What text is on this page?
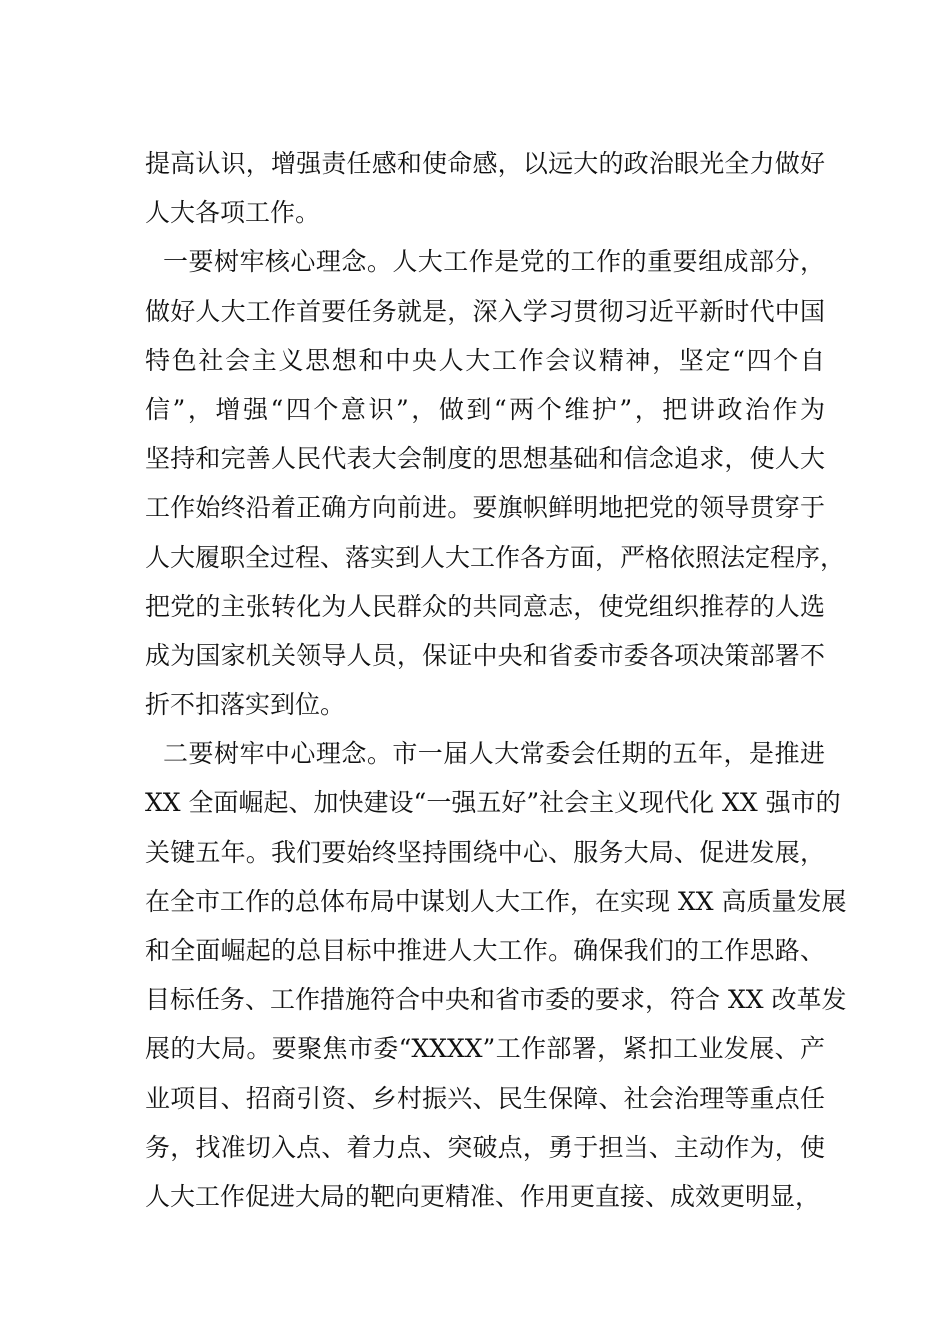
提高认识，增强责任感和使命感，以远大的政治眼光全力做好
人大各项工作。
一要树牢核心理念。人大工作是党的工作的重要组成部分，
做好人大工作首要任务就是，深入学习贯彻习近平新时代中国
特色社会主义思想和中央人大工作会议精神，坚定“四个自
信”，增强“四个意识”，做到“两个维护”，把讲政治作为
坚持和完善人民代表大会制度的思想基础和信念追求，使人大
工作始终沿着正确方向前进。要旗帜鲜明地把党的领导贯穿于
人大履职全过程、落实到人大工作各方面，严格依照法定程序，
把党的主张转化为人民群众的共同意志，使党组织推荐的人选
成为国家机关领导人员，保证中央和省委市委各项决策部署不
折不扣落实到位。
二要树牢中心理念。市一届人大常委会任期的五年，是推进
XX 全面崛起、加快建设“一强五好”社会主义现代化 XX 强市的
关键五年。我们要始终坚持围绕中心、服务大局、促进发展，
在全市工作的总体布局中谋划人大工作，在实现 XX 高质量发展
和全面崛起的总目标中推进人大工作。确保我们的工作思路、
目标任务、工作措施符合中央和省市委的要求，符合 XX 改革发
展的大局。要聚焦市委“XXXX”工作部署，紧扣工业发展、产
业项目、招商引资、乡村振兴、民生保障、社会治理等重点任
务，找准切入点、着力点、突破点，勇于担当、主动作为，使
人大工作促进大局的靶向更精准、作用更直接、成效更明显，
